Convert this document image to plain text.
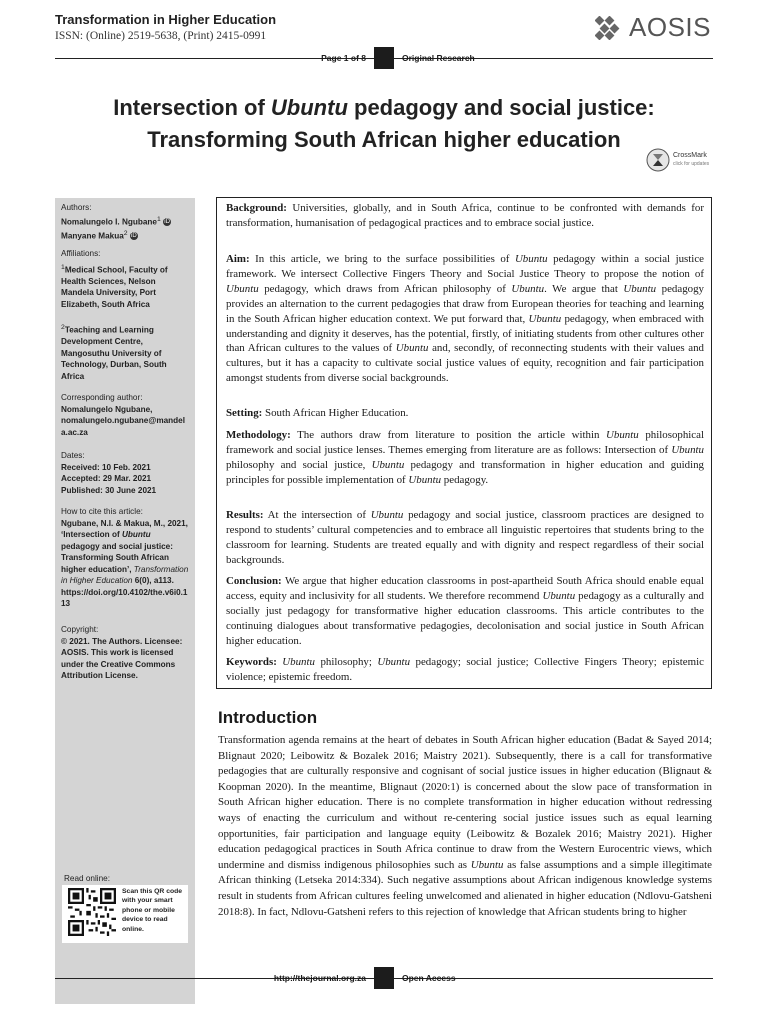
Transformation in Higher Education
ISSN: (Online) 2519-5638, (Print) 2415-0991	AOSIS
Page 1 of 8	Original Research
Intersection of Ubuntu pedagogy and social justice:
Transforming South African higher education
CrossMark
click for updates
Authors:
Nomalungelo I. Ngubane$^1$ iD
Manyane Makua$^2$ iD
Affiliations:
$^1$Medical School, Faculty of Health Sciences, Nelson Mandela University, Port Elizabeth, South Africa
$^2$Teaching and Learning Development Centre, Mangosuthu University of Technology, Durban, South Africa
Corresponding author:
Nomalungelo Ngubane,
nomalungelo.ngubane@mandela.ac.za
Dates:
Received: 10 Feb. 2021
Accepted: 29 Mar. 2021
Published: 30 June 2021
How to cite this article:
Ngubane, N.I. & Makua, M., 2021, ‘Intersection of Ubuntu pedagogy and social justice: Transforming South African higher education’, Transformation in Higher Education 6(0), a113. https://doi.org/10.4102/the.v6i0.113
Copyright:
© 2021. The Authors. Licensee: AOSIS. This work is licensed under the Creative Commons Attribution License.
Read online:
Scan this QR code with your smart phone or mobile device to read online.
Background: Universities, globally, and in South Africa, continue to be confronted with demands for transformation, humanisation of pedagogical practices and to embrace social justice.
Aim: In this article, we bring to the surface possibilities of Ubuntu pedagogy within a social justice framework. We intersect Collective Fingers Theory and Social Justice Theory to propose the notion of Ubuntu pedagogy, which draws from African philosophy of Ubuntu. We argue that Ubuntu pedagogy provides an alternation to the current pedagogies that draw from European theories for teaching and learning in the South African higher education context. We put forward that, Ubuntu pedagogy, when embraced with understanding and dignity it deserves, has the potential, firstly, of initiating students from other cultures other than African cultures to the values of Ubuntu and, secondly, of reconnecting students with their values and cultures, but it has a capacity to cultivate social justice values of equity, recognition and fair participation amongst students from diverse social backgrounds.
Setting: South African Higher Education.
Methodology: The authors draw from literature to position the article within Ubuntu philosophical framework and social justice lenses. Themes emerging from literature are as follows: Intersection of Ubuntu philosophy and social justice, Ubuntu pedagogy and transformation in higher education and guiding principles for possible implementation of Ubuntu pedagogy.
Results: At the intersection of Ubuntu pedagogy and social justice, classroom practices are designed to respond to students’ cultural competencies and to embrace all linguistic repertoires that students bring to the classroom for learning. Students are treated equally and with dignity and respect regardless of their social backgrounds.
Conclusion: We argue that higher education classrooms in post-apartheid South Africa should enable equal access, equity and inclusivity for all students. We therefore recommend Ubuntu pedagogy as a culturally and socially just pedagogy for transformative higher education classrooms. This article contributes to the continuing dialogues about transformative pedagogies, decolonisation and social justice in South African higher education.
Keywords: Ubuntu philosophy; Ubuntu pedagogy; social justice; Collective Fingers Theory; epistemic violence; epistemic freedom.
Introduction
Transformation agenda remains at the heart of debates in South African higher education (Badat & Sayed 2014; Blignaut 2020; Leibowitz & Bozalek 2016; Maistry 2021). Subsequently, there is a call for transformative pedagogies that are culturally responsive and cognisant of social justice issues in higher education (Blignaut & Koopman 2020). In the meantime, Blignaut (2020:1) is concerned about the slow pace of transformation in South African higher education. There is no complete transformation in higher education without redressing ways of enacting the curriculum and without re-centering social justice issues such as equal learning opportunities, fair participation and language equity (Leibowitz & Bozalek 2016; Maistry 2021). Higher education pedagogical practices in South Africa continue to draw from the Western Eurocentric views, which undermine and dismiss indigenous philosophies such as Ubuntu as false assumptions and a simple illegitimate African thinking (Letseka 2014:334). Such negative assumptions about African indigenous knowledge systems result in students from African cultures feeling unwelcomed and alienated in higher education (Ndlovu-Gatsheni 2018:8). In fact, Ndlovu-Gatsheni refers to this rejection of knowledge that African students bring to higher
http://thejournal.org.za	Open Access
